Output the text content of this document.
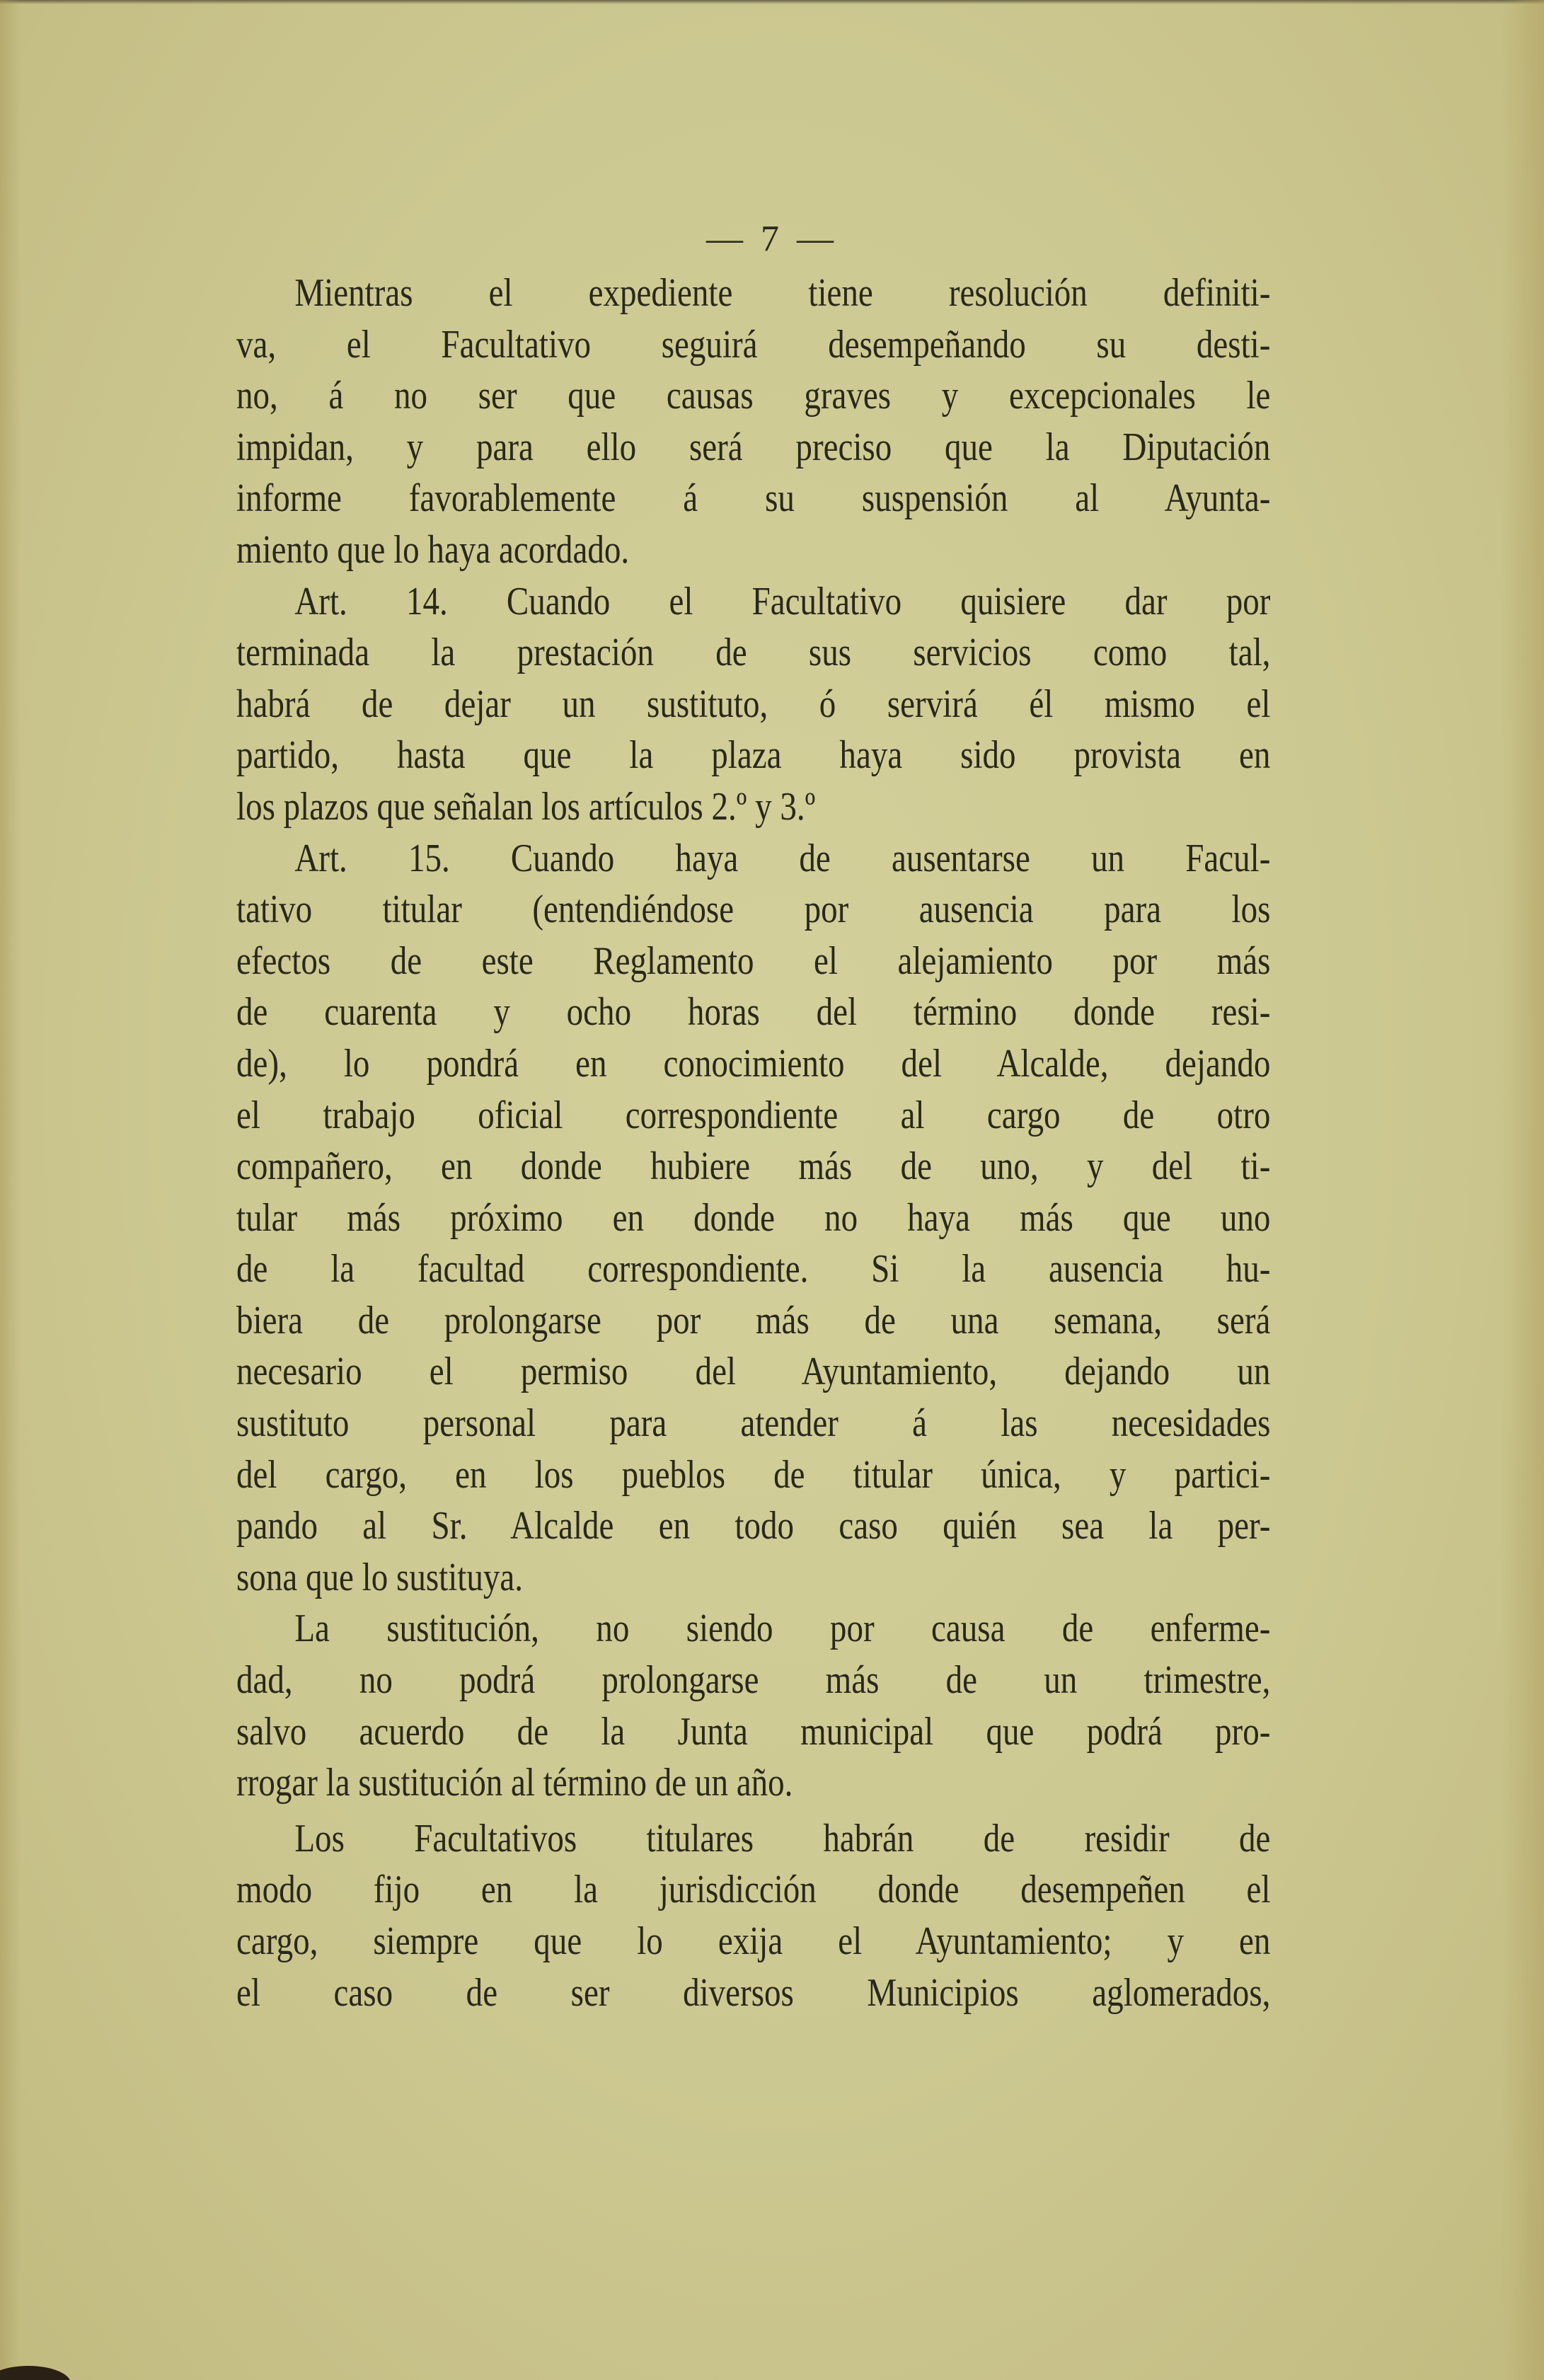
— 7 —
Mientras el expediente tiene resolución definiti-
va, el Facultativo seguirá desempeñando su desti-
no, á no ser que causas graves y excepcionales le
impidan, y para ello será preciso que la Diputación
informe favorablemente á su suspensión al Ayunta-
miento que lo haya acordado.
Art. 14. Cuando el Facultativo quisiere dar por
terminada la prestación de sus servicios como tal,
habrá de dejar un sustituto, ó servirá él mismo el
partido, hasta que la plaza haya sido provista en
los plazos que señalan los artículos 2.º y 3.º
Art. 15. Cuando haya de ausentarse un Facul-
tativo titular (entendiéndose por ausencia para los
efectos de este Reglamento el alejamiento por más
de cuarenta y ocho horas del término donde resi-
de), lo pondrá en conocimiento del Alcalde, dejando
el trabajo oficial correspondiente al cargo de otro
compañero, en donde hubiere más de uno, y del ti-
tular más próximo en donde no haya más que uno
de la facultad correspondiente. Si la ausencia hu-
biera de prolongarse por más de una semana, será
necesario el permiso del Ayuntamiento, dejando un
sustituto personal para atender á las necesidades
del cargo, en los pueblos de titular única, y partici-
pando al Sr. Alcalde en todo caso quién sea la per-
sona que lo sustituya.
La sustitución, no siendo por causa de enferme-
dad, no podrá prolongarse más de un trimestre,
salvo acuerdo de la Junta municipal que podrá pro-
rrogar la sustitución al término de un año.
Los Facultativos titulares habrán de residir de
modo fijo en la jurisdicción donde desempeñen el
cargo, siempre que lo exija el Ayuntamiento; y en
el caso de ser diversos Municipios aglomerados,
